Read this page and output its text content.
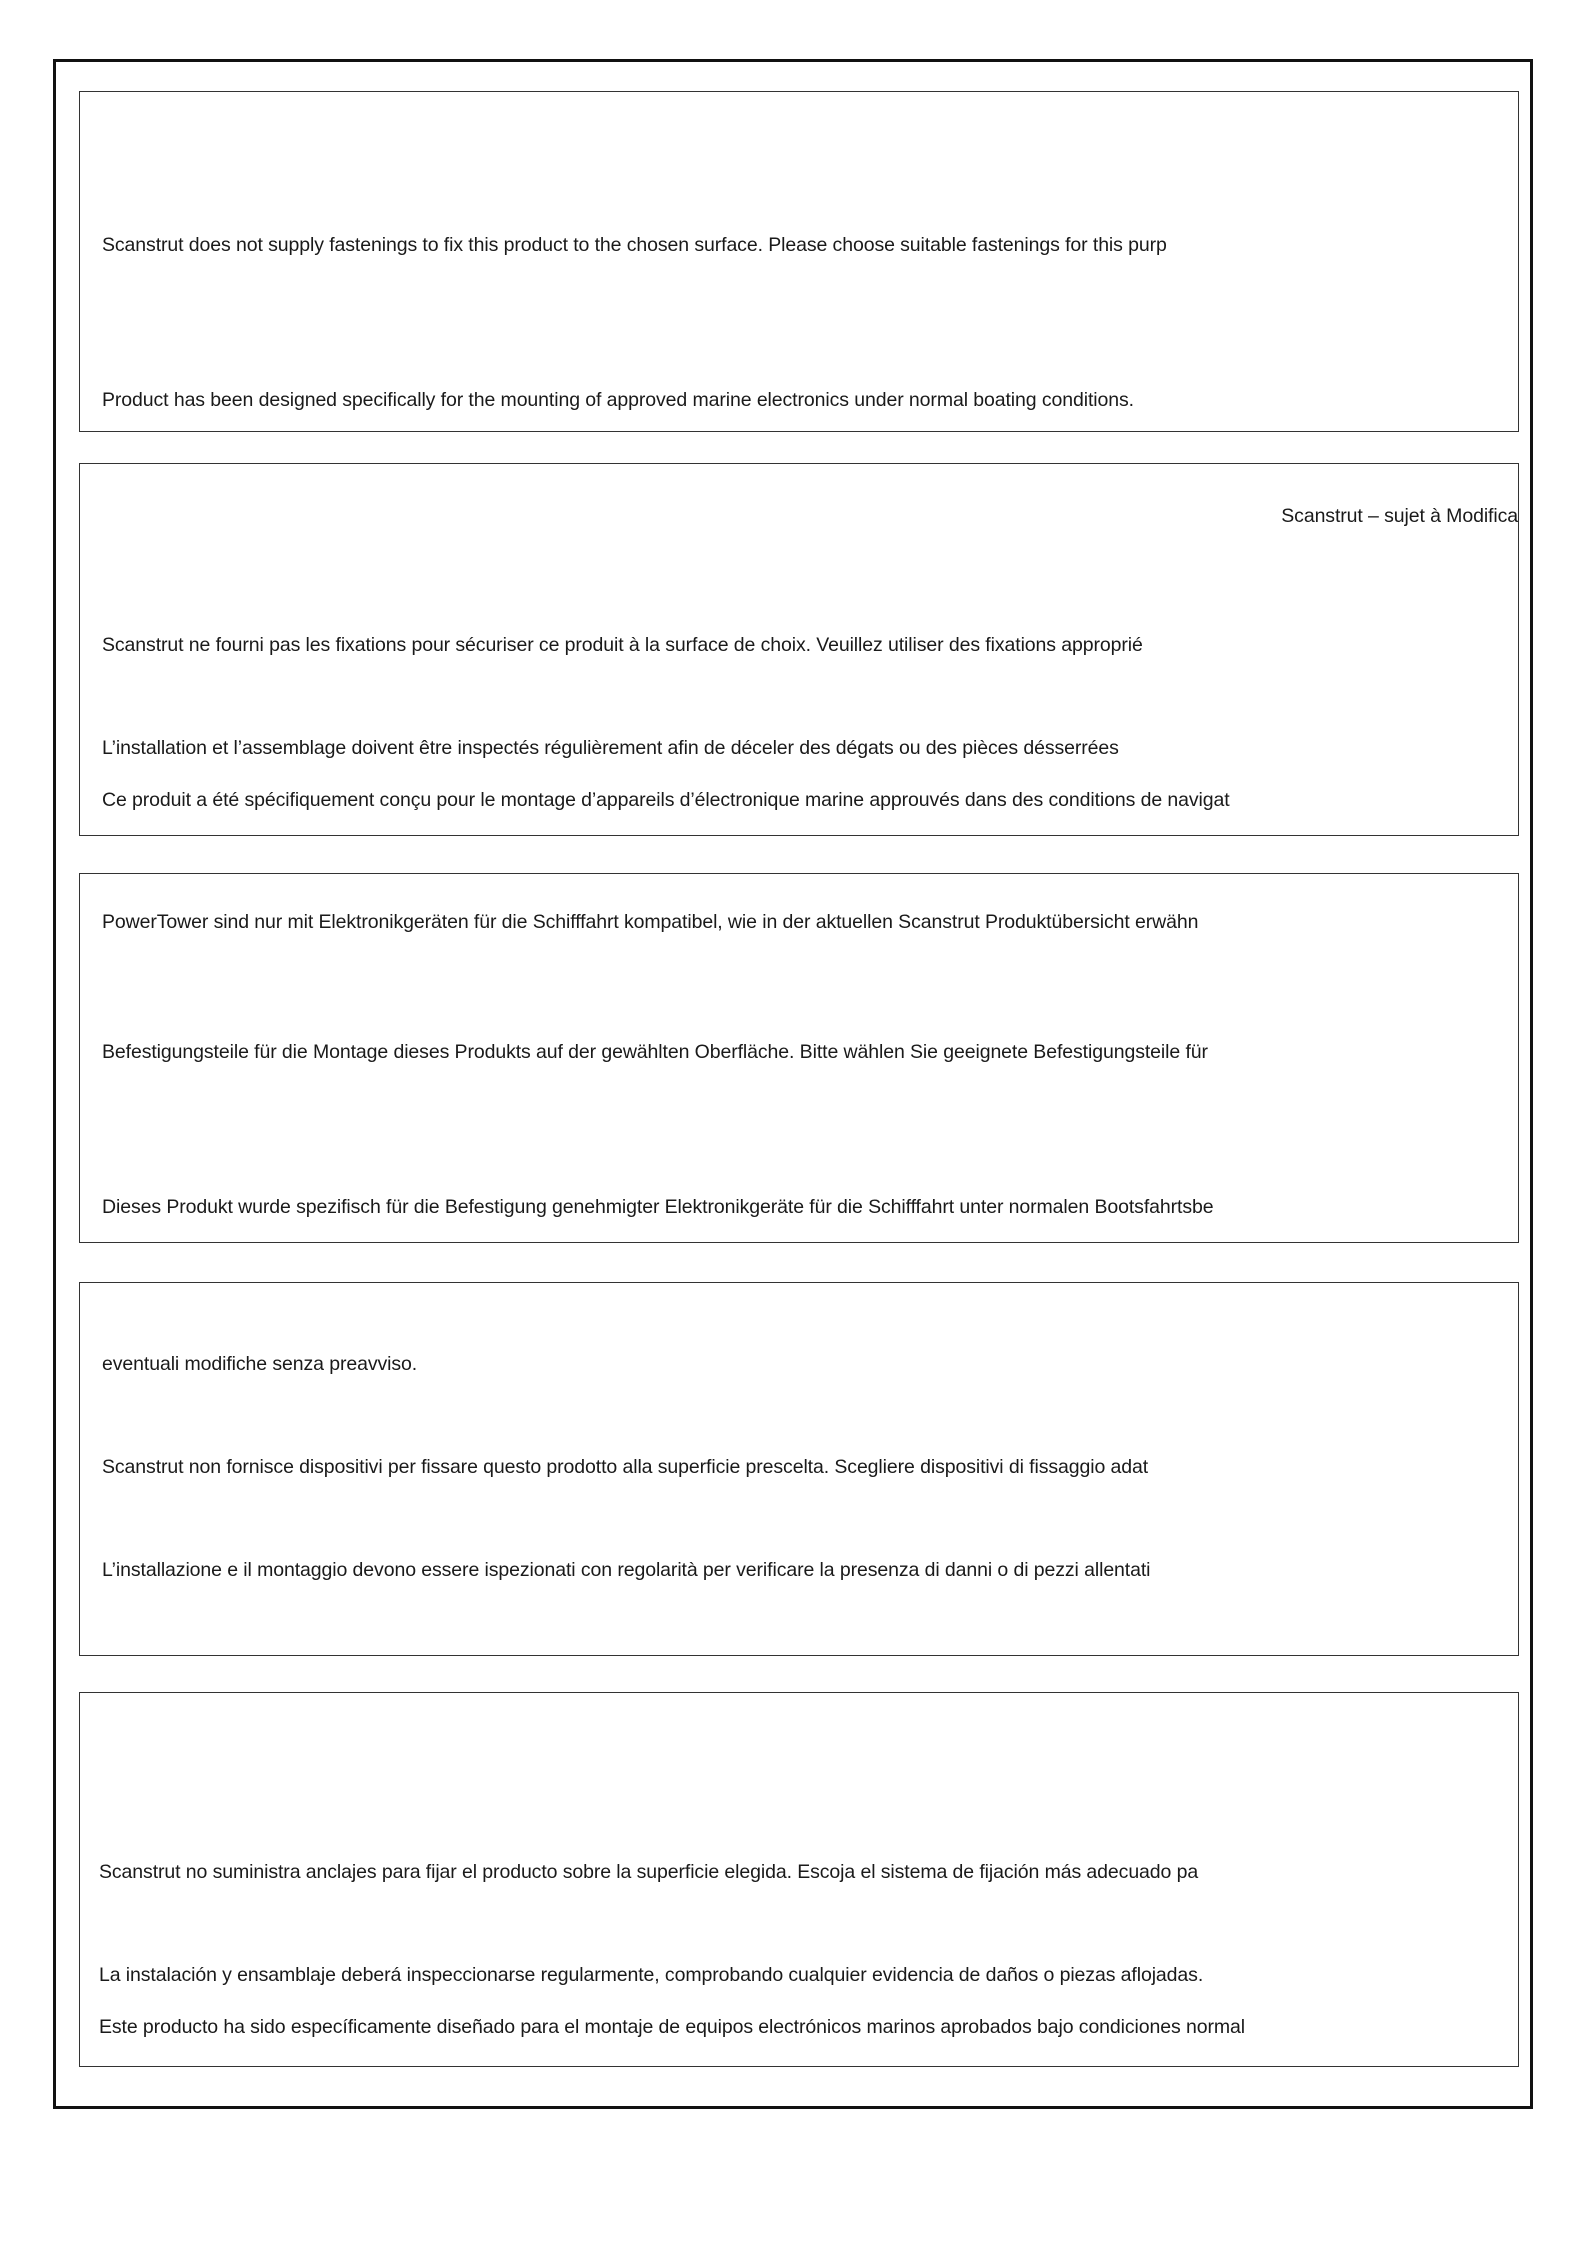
Scanstrut does not supply fastenings to fix this product to the chosen surface. Please choose suitable fastenings for this purp
Product has been designed specifically for the mounting of approved marine electronics under normal boating conditions.
Scanstrut – sujet à Modifica
Scanstrut ne fourni pas les fixations pour sécuriser ce produit à la surface de choix. Veuillez utiliser des fixations approprié
L’installation et l’assemblage doivent être inspectés régulièrement afin de déceler des dégats ou des pièces désserrées
Ce produit a été spécifiquement conçu pour le montage d’appareils d’électronique marine approuvés dans des conditions de navigat
PowerTower sind nur mit Elektronikgeräten für die Schifffahrt kompatibel, wie in der aktuellen Scanstrut Produktübersicht erwähn
Befestigungsteile für die Montage dieses Produkts auf der gewählten Oberfläche. Bitte wählen Sie geeignete Befestigungsteile für
Dieses Produkt wurde spezifisch für die Befestigung genehmigter Elektronikgeräte für die Schifffahrt unter normalen Bootsfahrtsbe
eventuali modifiche senza preavviso.
Scanstrut non fornisce dispositivi per fissare questo prodotto alla superficie prescelta. Scegliere dispositivi di fissaggio adat
L’installazione e il montaggio devono essere ispezionati con regolarità per verificare la presenza di danni o di pezzi allentati
Scanstrut no suministra anclajes para fijar el producto sobre la superficie elegida. Escoja el sistema de fijación más adecuado pa
La instalación y ensamblaje deberá inspeccionarse regularmente, comprobando cualquier evidencia de daños o piezas aflojadas.
Este producto ha sido específicamente diseñado para el montaje de equipos electrónicos marinos aprobados bajo condiciones normal
